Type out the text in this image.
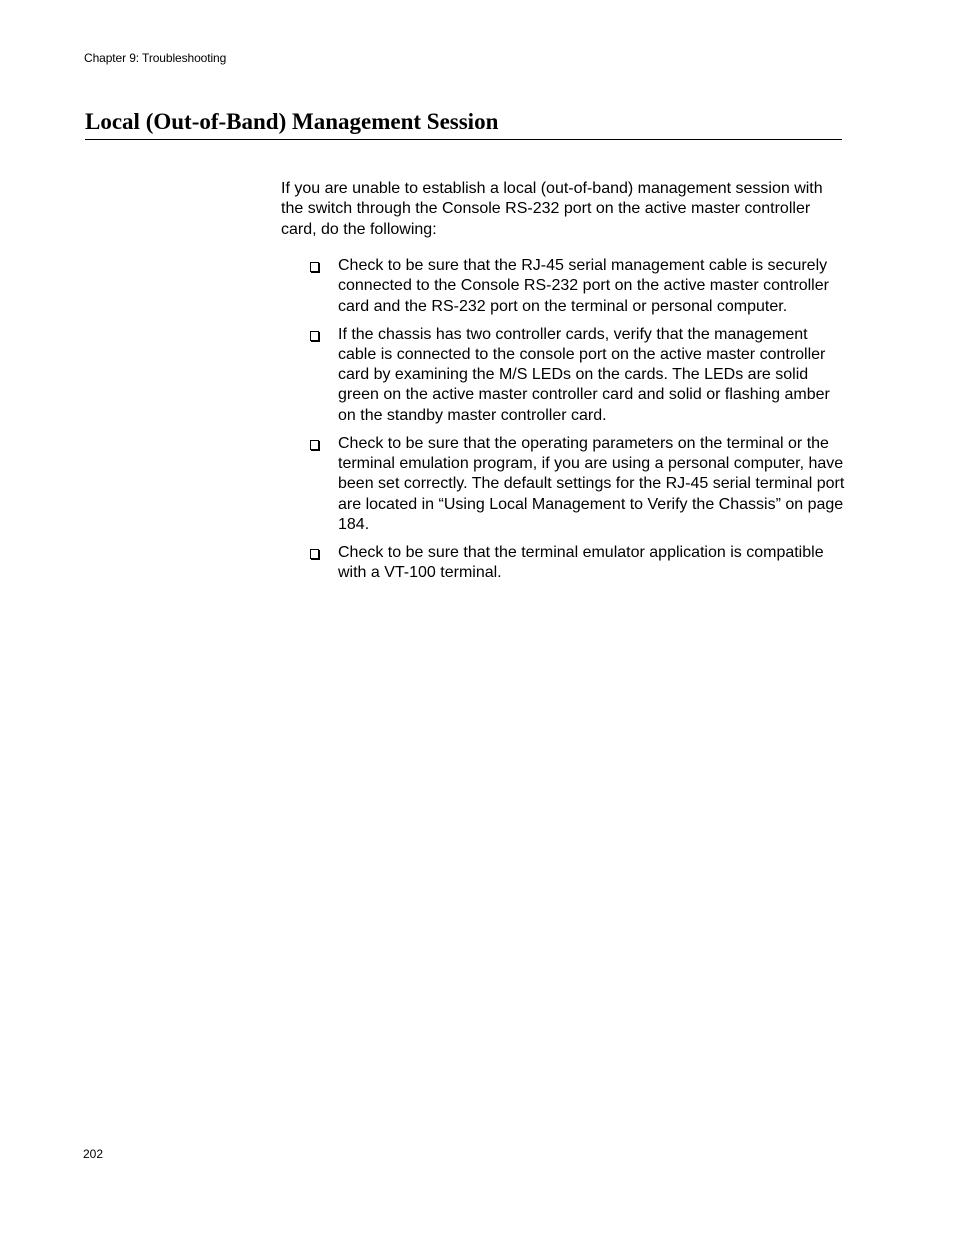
Chapter 9: Troubleshooting
Local (Out-of-Band) Management Session

If you are unable to establish a local (out-of-band) management session with the switch through the Console RS-232 port on the active master controller card, do the following:

Check to be sure that the RJ-45 serial management cable is securely connected to the Console RS-232 port on the active master controller card and the RS-232 port on the terminal or personal computer.
If the chassis has two controller cards, verify that the management cable is connected to the console port on the active master controller card by examining the M/S LEDs on the cards. The LEDs are solid green on the active master controller card and solid or flashing amber on the standby master controller card.
Check to be sure that the operating parameters on the terminal or the terminal emulation program, if you are using a personal computer, have been set correctly. The default settings for the RJ-45 serial terminal port are located in “Using Local Management to Verify the Chassis” on page 184.
Check to be sure that the terminal emulator application is compatible with a VT-100 terminal.
202
